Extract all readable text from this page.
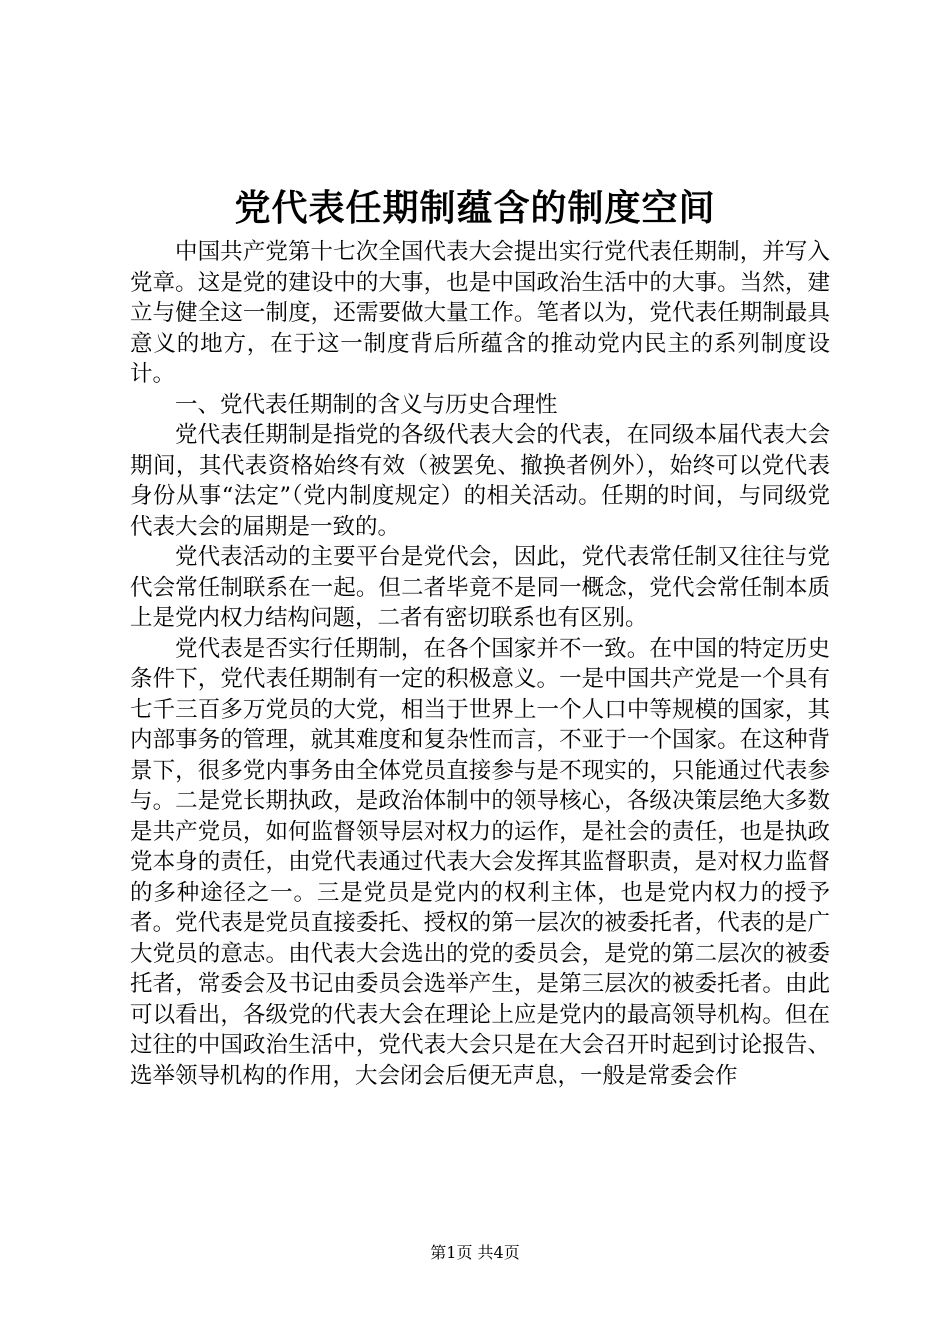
党代表任期制蕴含的制度空间

中国共产党第十七次全国代表大会提出实行党代表任期制，并写入党章。这是党的建设中的大事，也是中国政治生活中的大事。当然，建立与健全这一制度，还需要做大量工作。笔者以为，党代表任期制最具意义的地方，在于这一制度背后所蕴含的推动党内民主的系列制度设计。

一、党代表任期制的含义与历史合理性

党代表任期制是指党的各级代表大会的代表，在同级本届代表大会期间，其代表资格始终有效（被罢免、撤换者例外），始终可以党代表身份从事“法定”（党内制度规定）的相关活动。任期的时间，与同级党代表大会的届期是一致的。

党代表活动的主要平台是党代会，因此，党代表常任制又往往与党代会常任制联系在一起。但二者毕竟不是同一概念，党代会常任制本质上是党内权力结构问题，二者有密切联系也有区别。

党代表是否实行任期制，在各个国家并不一致。在中国的特定历史条件下，党代表任期制有一定的积极意义。一是中国共产党是一个具有七千三百多万党员的大党，相当于世界上一个人口中等规模的国家，其内部事务的管理，就其难度和复杂性而言，不亚于一个国家。在这种背景下，很多党内事务由全体党员直接参与是不现实的，只能通过代表参与。二是党长期执政，是政治体制中的领导核心，各级决策层绝大多数是共产党员，如何监督领导层对权力的运作，是社会的责任，也是执政党本身的责任，由党代表通过代表大会发挥其监督职责，是对权力监督的多种途径之一。三是党员是党内的权利主体，也是党内权力的授予者。党代表是党员直接委托、授权的第一层次的被委托者，代表的是广大党员的意志。由代表大会选出的党的委员会，是党的第二层次的被委托者，常委会及书记由委员会选举产生，是第三层次的被委托者。由此可以看出，各级党的代表大会在理论上应是党内的最高领导机构。但在过往的中国政治生活中，党代表大会只是在大会召开时起到讨论报告、选举领导机构的作用，大会闭会后便无声息，一般是常委会作

第1页 共4页
